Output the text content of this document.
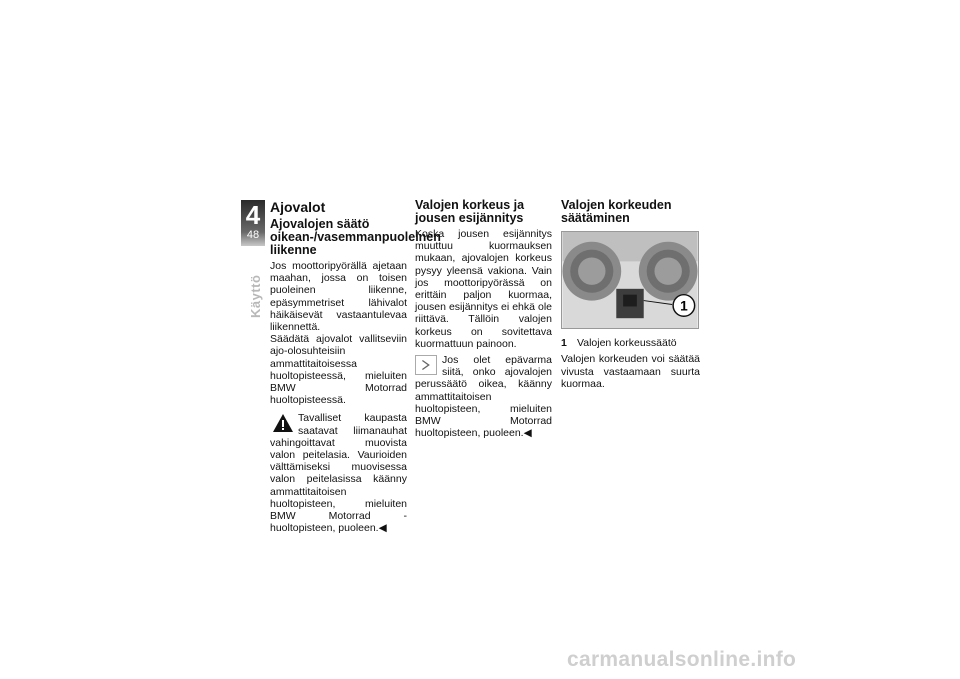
4
48
Käyttö
Ajovalot
Ajovalojen säätö oikean-/vasemmanpuoleinen liikenne

Jos moottoripyörällä ajetaan maahan, jossa on toisen puoleinen liikenne, epäsymmetriset lähivalot häikäisevät vastaantulevaa liikennettä.

Säädätä ajovalot vallitseviin ajo-olosuhteisiin ammattitaitoisessa huoltopisteessä, mieluiten BMW Motorrad huoltopisteessä.

Tavalliset kaupasta saatavat liimanauhat vahingoittavat muovista valon peitelasia. Vaurioiden välttämiseksi muovisessa valon peitelasissa käänny ammattitaitoisen huoltopisteen, mieluiten BMW Motorrad -huoltopisteen, puoleen.◀

Valojen korkeus ja jousen esijännitys

Koska jousen esijännitys muuttuu kuormauksen mukaan, ajovalojen korkeus pysyy yleensä vakiona. Vain jos moottoripyörässä on erittäin paljon kuormaa, jousen esijännitys ei ehkä ole riittävä. Tällöin valojen korkeus on sovitettava kuormattuun painoon.

Jos olet epävarma siitä, onko ajovalojen perussäätö oikea, käänny ammattitaitoisen huoltopisteen, mieluiten BMW Motorrad huoltopisteen, puoleen.◀

Valojen korkeuden säätäminen
1
1 Valojen korkeussäätö

Valojen korkeuden voi säätää vivusta vastaamaan suurta kuormaa.

carmanualsonline.info
